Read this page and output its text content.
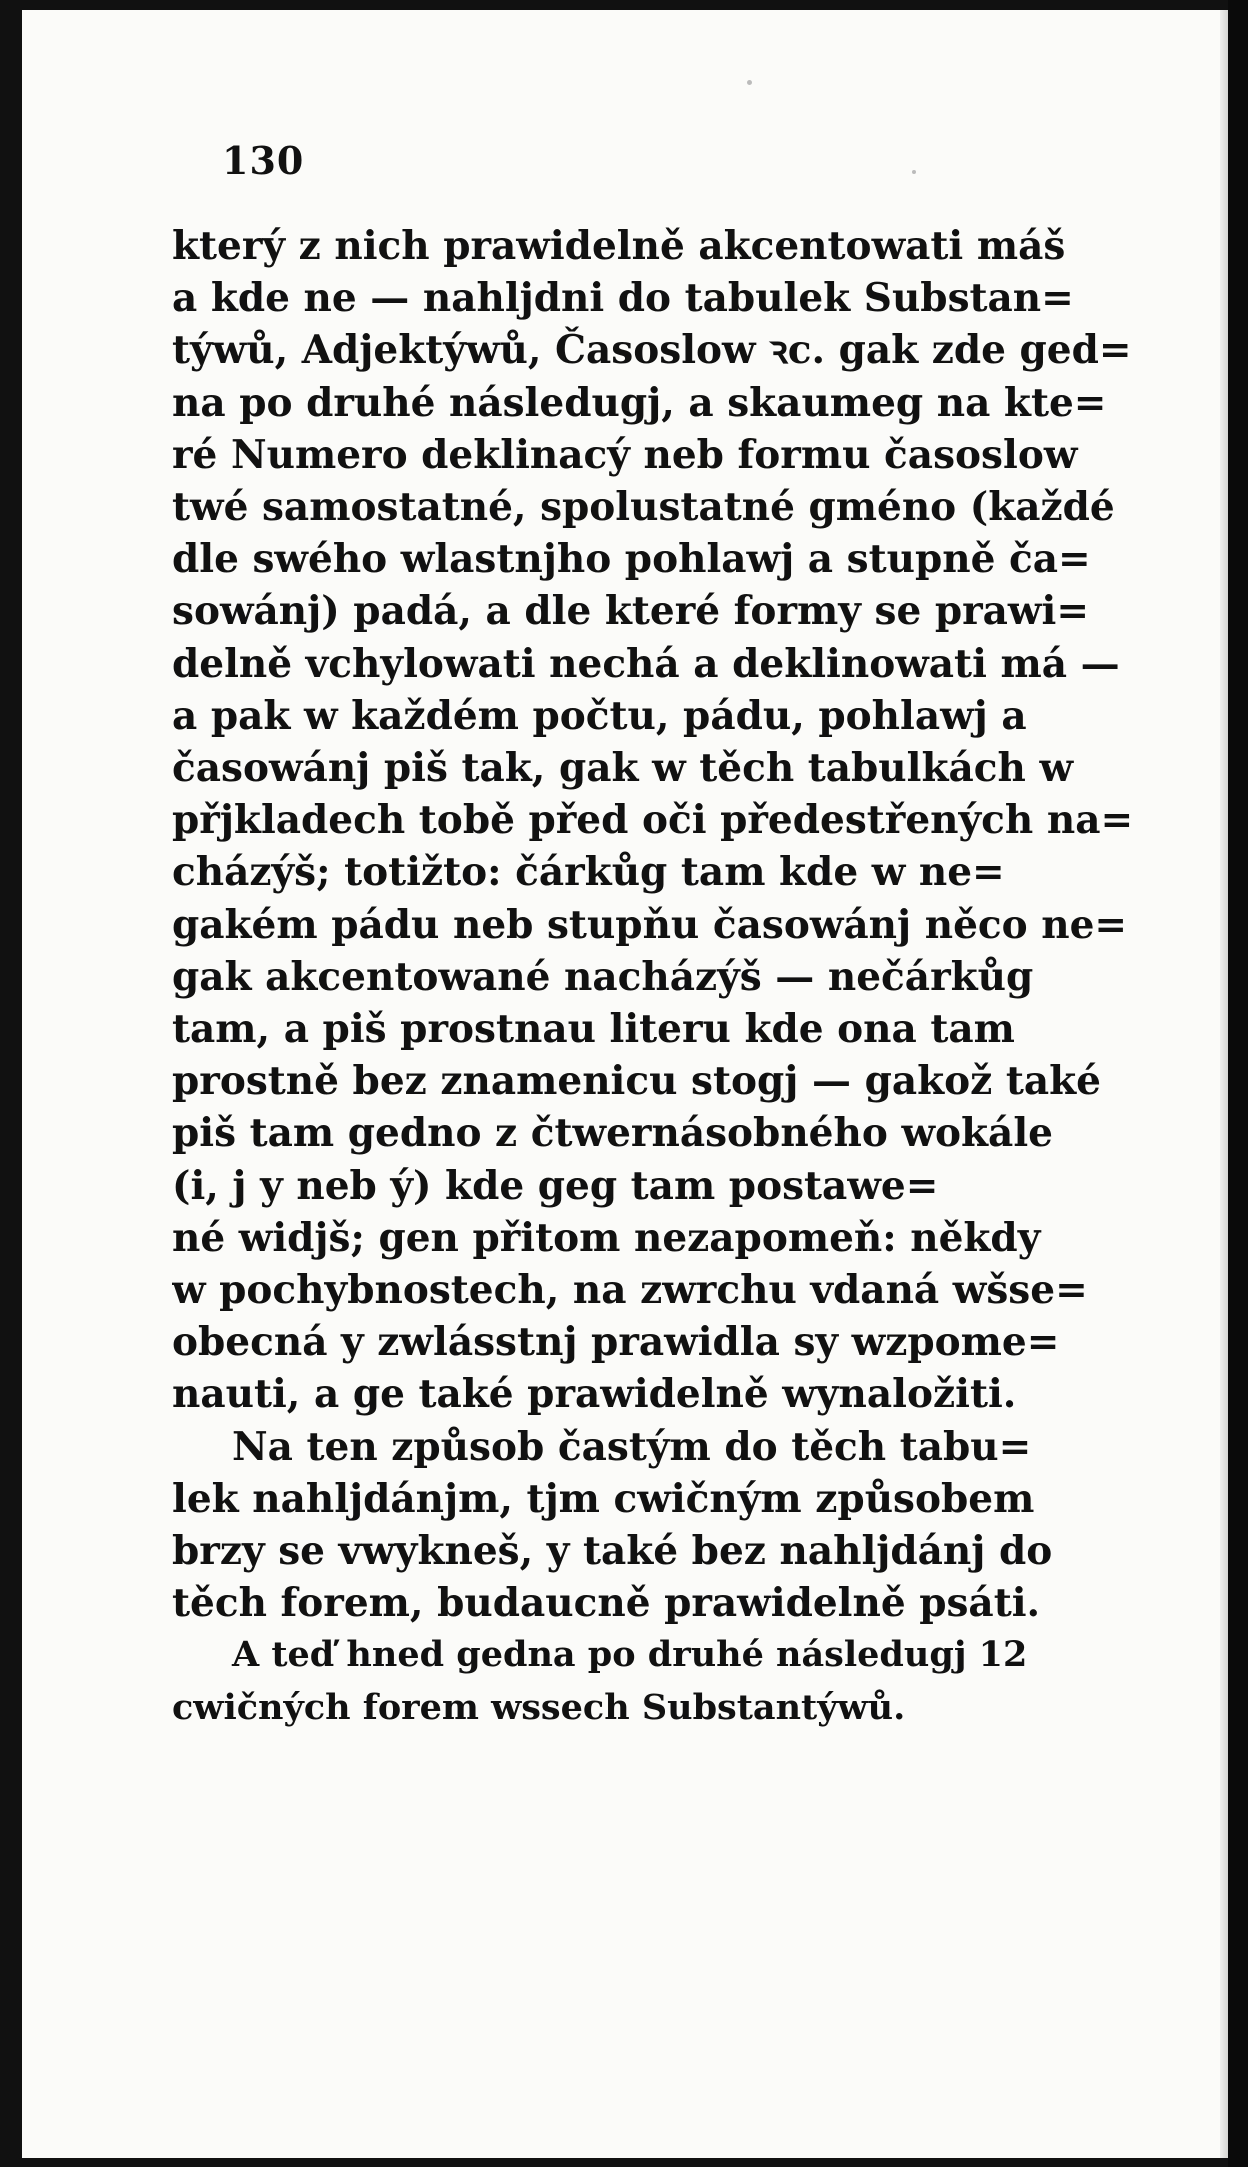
130
který z nich prawidelně akcentowati máš
a kde ne — nahljdni do tabulek Substan=
týwů, Adjektýwů, Časoslow ꝛc. gak zde ged=
na po druhé následugj, a skaumeg na kte=
ré Numero deklinacý neb formu časoslow
twé samostatné, spolustatné gméno (každé
dle swého wlastnjho pohlawj a stupně ča=
sowánj) padá, a dle které formy se prawi=
delně vchylowati nechá a deklinowati má —
a pak w každém počtu, pádu, pohlawj a
časowánj piš tak, gak w těch tabulkách w
přjkladech tobě před oči předestřených na=
cházýš; totižto: čárkůg tam kde w ne=
gakém pádu neb stupňu časowánj něco ne=
gak akcentowané nacházýš — nečárkůg
tam, a piš prostnau literu kde ona tam
prostně bez znamenicu stogj — gakož také
piš tam gedno z čtwernásobného wokále
(i, j y neb ý) kde geg tam postawe=
né widjš; gen přitom nezapomeň: někdy
w pochybnostech, na zwrchu vdaná wšse=
obecná y zwlásstnj prawidla sy wzpome=
nauti, a ge také prawidelně wynaložiti.
Na ten způsob častým do těch tabu=
lek nahljdánjm, tjm cwičným způsobem
brzy se vwykneš, y také bez nahljdánj do
těch forem, budaucně prawidelně psáti.
A teď hned gedna po druhé následugj 12
cwičných forem wssech Substantýwů.
